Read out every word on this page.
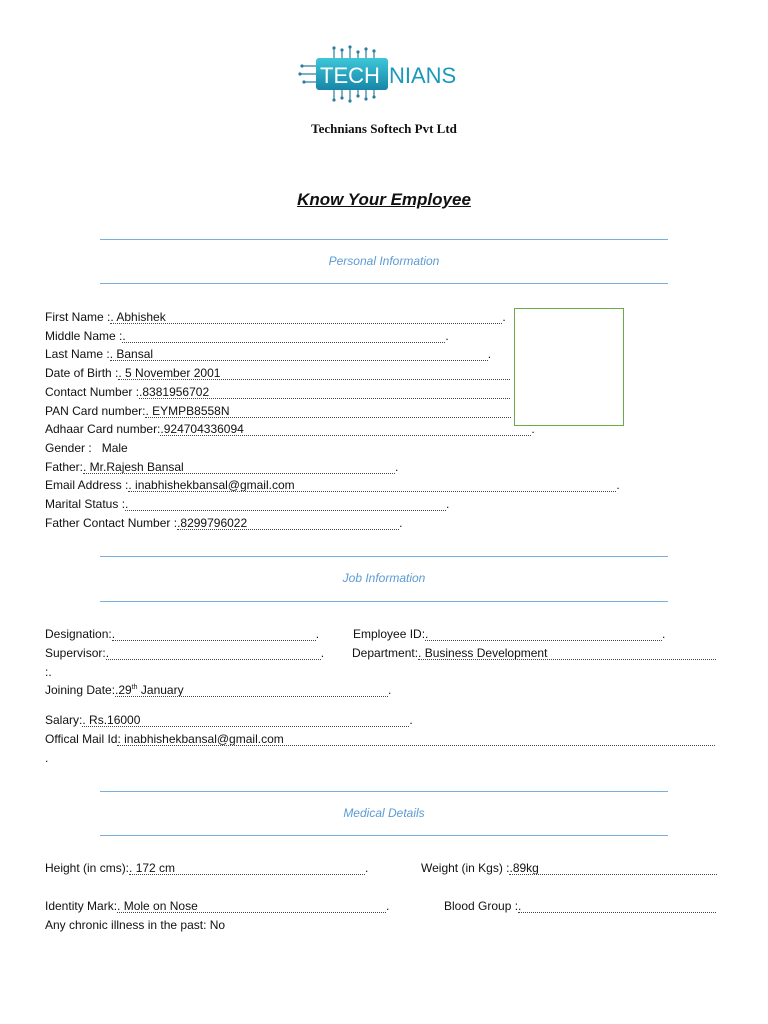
TECH NIANS
Technians Softech Pvt Ltd
Know Your Employee
Personal Information
First Name :. Abhishek	.
Middle Name :.	.
Last Name :. Bansal	.
Date of Birth :. 5 November 2001
Contact Number :.8381956702
PAN Card number:. EYMPB8558N
Adhaar Card number:.924704336094	.
Gender : Male
Father:. Mr.Rajesh Bansal	.
Email Address :. inabhishekbansal@gmail.com	.
Marital Status :.	.
Father Contact Number :.8299796022	.
Job Information
Designation:.	.	Employee ID:.	.
Supervisor:.	. Department:. Business Development
:.
Joining Date:.29th January	.
Salary:. Rs.16000	.
Offical Mail Id: inabhishekbansal@gmail.com
.
Medical Details
Height (in cms):. 172 cm	.	Weight (in Kgs) :.89kg
Identity Mark:. Mole on Nose	.	Blood Group :.
Any chronic illness in the past: No
